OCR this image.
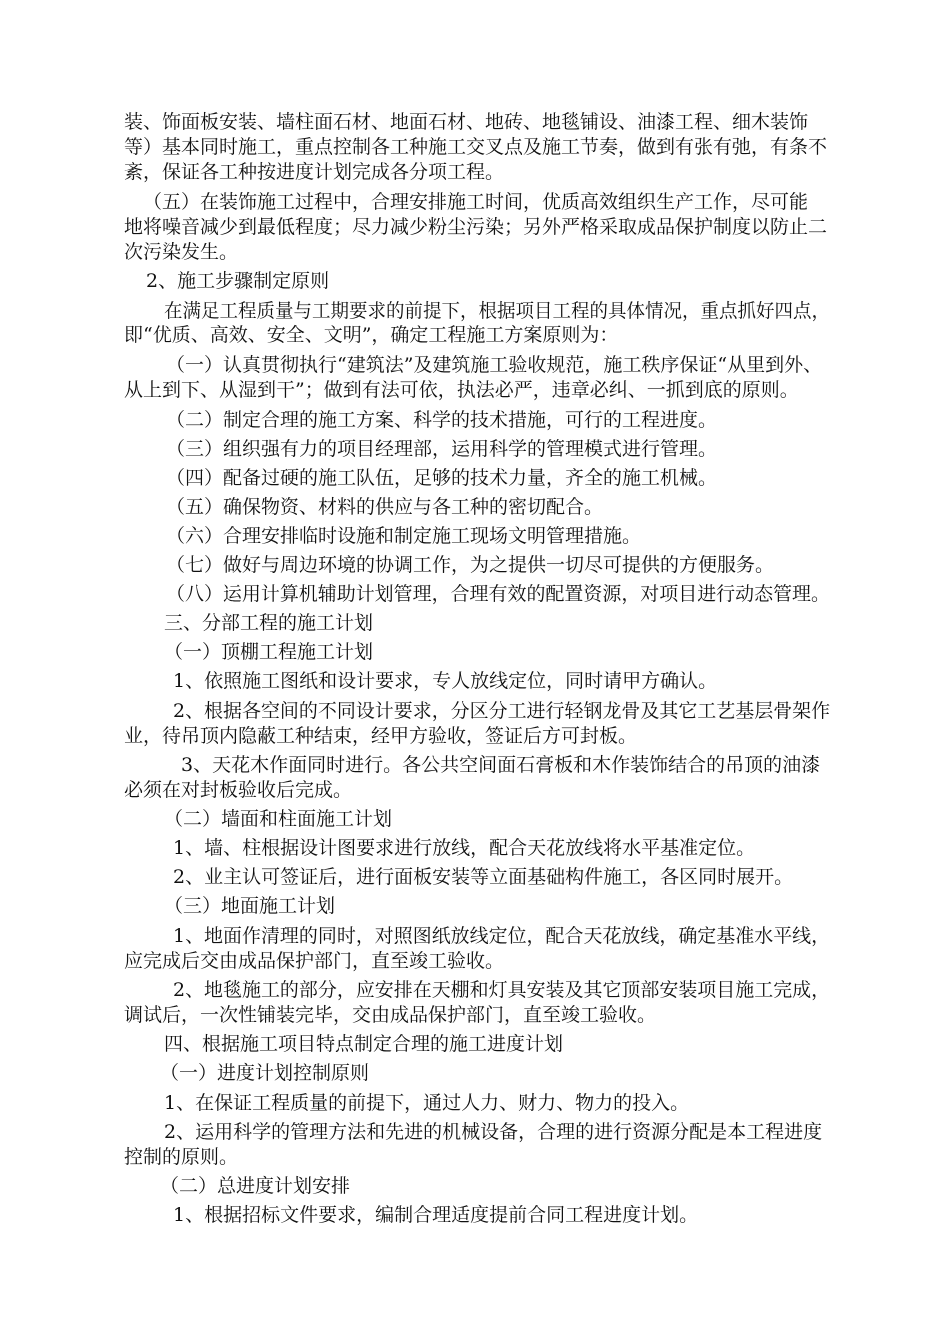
装、饰面板安装、墙柱面石材、地面石材、地砖、地毯铺设、油漆工程、细木装饰
等）基本同时施工，重点控制各工种施工交叉点及施工节奏，做到有张有弛，有条不
紊，保证各工种按进度计划完成各分项工程。
（五）在装饰施工过程中，合理安排施工时间，优质高效组织生产工作，尽可能
地将噪音减少到最低程度；尽力减少粉尘污染；另外严格采取成品保护制度以防止二
次污染发生。
2、施工步骤制定原则
在满足工程质量与工期要求的前提下，根据项目工程的具体情况，重点抓好四点，
即“优质、高效、安全、文明”，确定工程施工方案原则为：
（一）认真贯彻执行“建筑法”及建筑施工验收规范，施工秩序保证“从里到外、
从上到下、从湿到干”；做到有法可依，执法必严，违章必纠、一抓到底的原则。
（二）制定合理的施工方案、科学的技术措施，可行的工程进度。
（三）组织强有力的项目经理部，运用科学的管理模式进行管理。
（四）配备过硬的施工队伍，足够的技术力量，齐全的施工机械。
（五）确保物资、材料的供应与各工种的密切配合。
（六）合理安排临时设施和制定施工现场文明管理措施。
（七）做好与周边环境的协调工作，为之提供一切尽可提供的方便服务。
（八）运用计算机辅助计划管理，合理有效的配置资源，对项目进行动态管理。
三、分部工程的施工计划
（一）顶棚工程施工计划
1、依照施工图纸和设计要求，专人放线定位，同时请甲方确认。
2、根据各空间的不同设计要求，分区分工进行轻钢龙骨及其它工艺基层骨架作
业，待吊顶内隐蔽工种结束，经甲方验收，签证后方可封板。
3、天花木作面同时进行。各公共空间面石膏板和木作装饰结合的吊顶的油漆
必须在对封板验收后完成。
（二）墙面和柱面施工计划
1、墙、柱根据设计图要求进行放线，配合天花放线将水平基准定位。
2、业主认可签证后，进行面板安装等立面基础构件施工，各区同时展开。
（三）地面施工计划
1、地面作清理的同时，对照图纸放线定位，配合天花放线，确定基准水平线，
应完成后交由成品保护部门，直至竣工验收。
2、地毯施工的部分，应安排在天棚和灯具安装及其它顶部安装项目施工完成，
调试后，一次性铺装完毕，交由成品保护部门，直至竣工验收。
四、根据施工项目特点制定合理的施工进度计划
（一）进度计划控制原则
1、在保证工程质量的前提下，通过人力、财力、物力的投入。
2、运用科学的管理方法和先进的机械设备，合理的进行资源分配是本工程进度
控制的原则。
（二）总进度计划安排
1、根据招标文件要求，编制合理适度提前合同工程进度计划。
